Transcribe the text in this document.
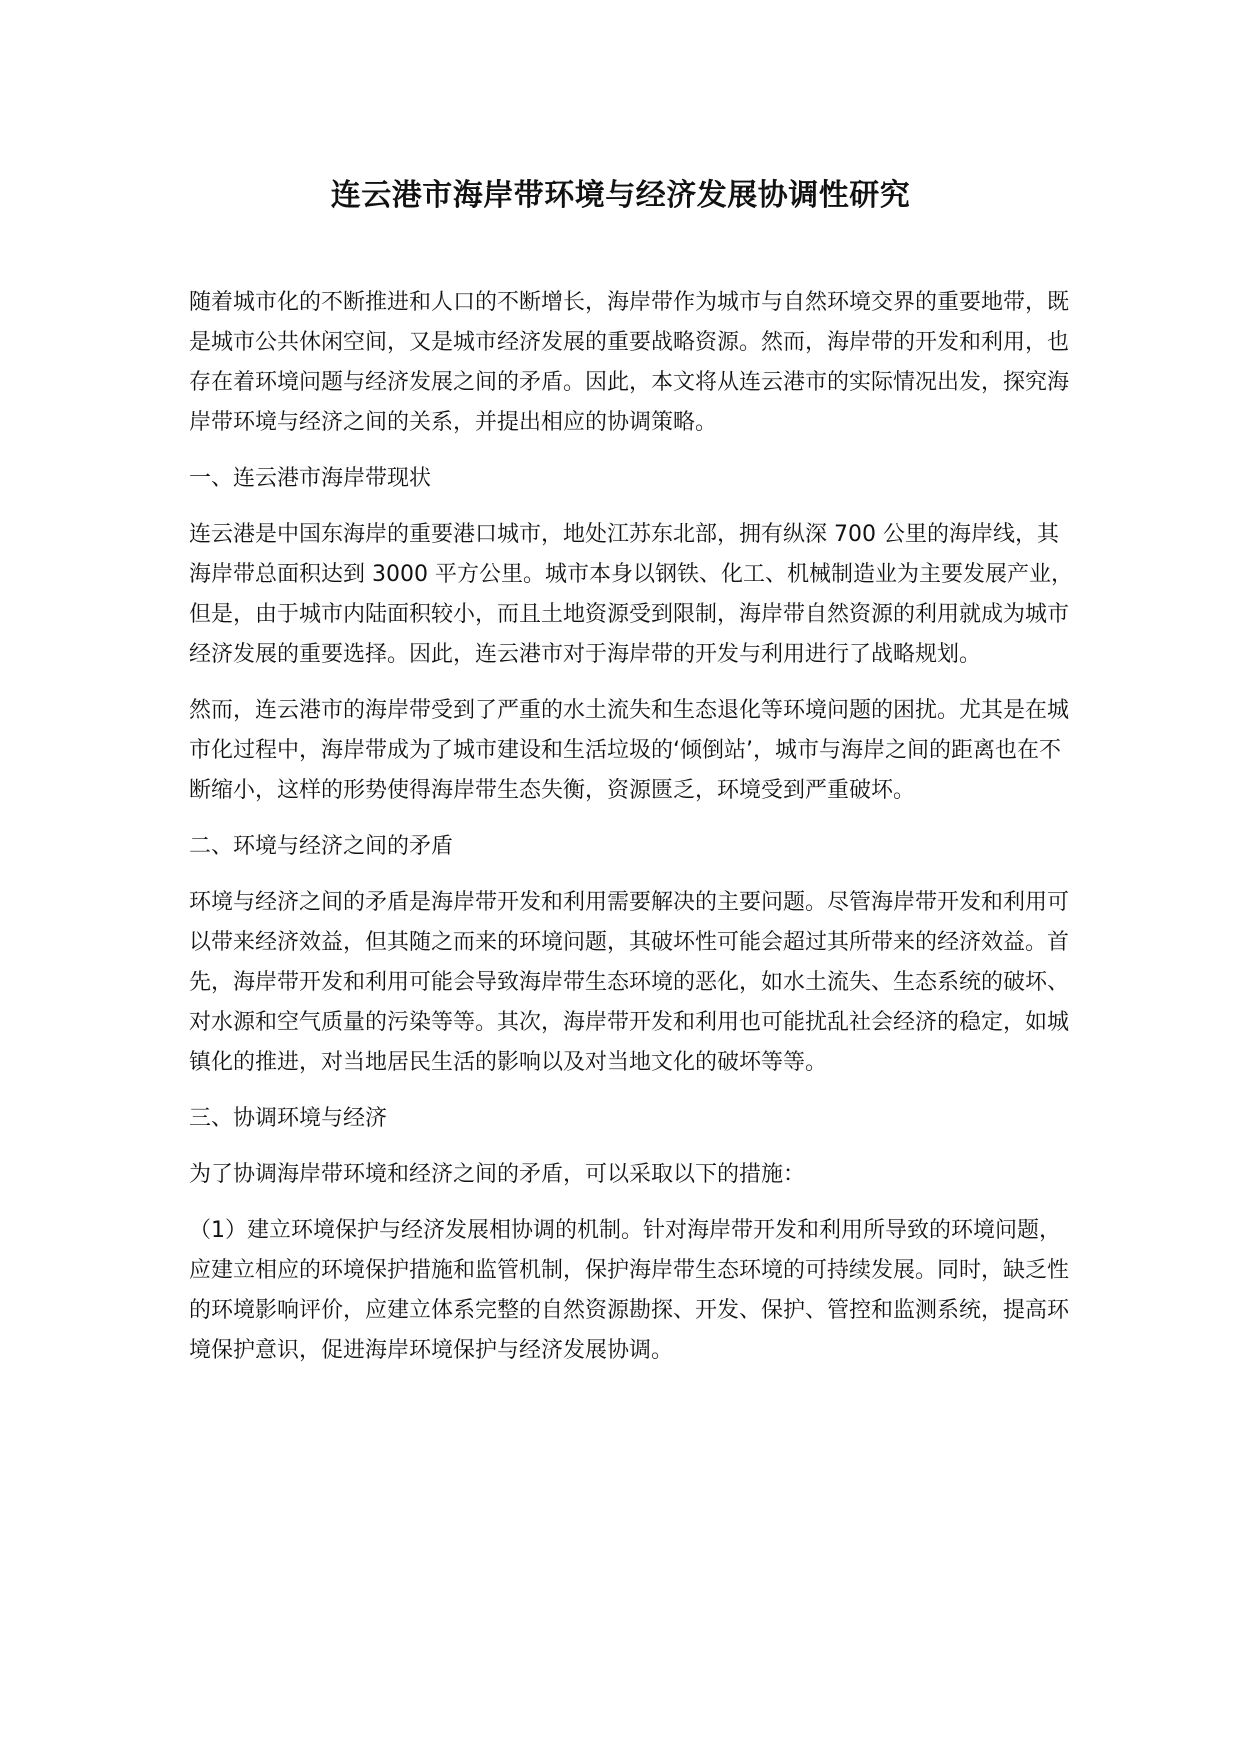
连云港市海岸带环境与经济发展协调性研究

随着城市化的不断推进和人口的不断增长，海岸带作为城市与自然环境交界的重要地带，既是城市公共休闲空间，又是城市经济发展的重要战略资源。然而，海岸带的开发和利用，也存在着环境问题与经济发展之间的矛盾。因此，本文将从连云港市的实际情况出发，探究海岸带环境与经济之间的关系，并提出相应的协调策略。

一、连云港市海岸带现状

连云港是中国东海岸的重要港口城市，地处江苏东北部，拥有纵深 700 公里的海岸线，其海岸带总面积达到 3000 平方公里。城市本身以钢铁、化工、机械制造业为主要发展产业，但是，由于城市内陆面积较小，而且土地资源受到限制，海岸带自然资源的利用就成为城市经济发展的重要选择。因此，连云港市对于海岸带的开发与利用进行了战略规划。

然而，连云港市的海岸带受到了严重的水土流失和生态退化等环境问题的困扰。尤其是在城市化过程中，海岸带成为了城市建设和生活垃圾的‘倾倒站’，城市与海岸之间的距离也在不断缩小，这样的形势使得海岸带生态失衡，资源匮乏，环境受到严重破坏。

二、环境与经济之间的矛盾

环境与经济之间的矛盾是海岸带开发和利用需要解决的主要问题。尽管海岸带开发和利用可以带来经济效益，但其随之而来的环境问题，其破坏性可能会超过其所带来的经济效益。首先，海岸带开发和利用可能会导致海岸带生态环境的恶化，如水土流失、生态系统的破坏、对水源和空气质量的污染等等。其次，海岸带开发和利用也可能扰乱社会经济的稳定，如城镇化的推进，对当地居民生活的影响以及对当地文化的破坏等等。

三、协调环境与经济

为了协调海岸带环境和经济之间的矛盾，可以采取以下的措施：

（1）建立环境保护与经济发展相协调的机制。针对海岸带开发和利用所导致的环境问题，应建立相应的环境保护措施和监管机制，保护海岸带生态环境的可持续发展。同时，缺乏性的环境影响评价，应建立体系完整的自然资源勘探、开发、保护、管控和监测系统，提高环境保护意识，促进海岸环境保护与经济发展协调。
